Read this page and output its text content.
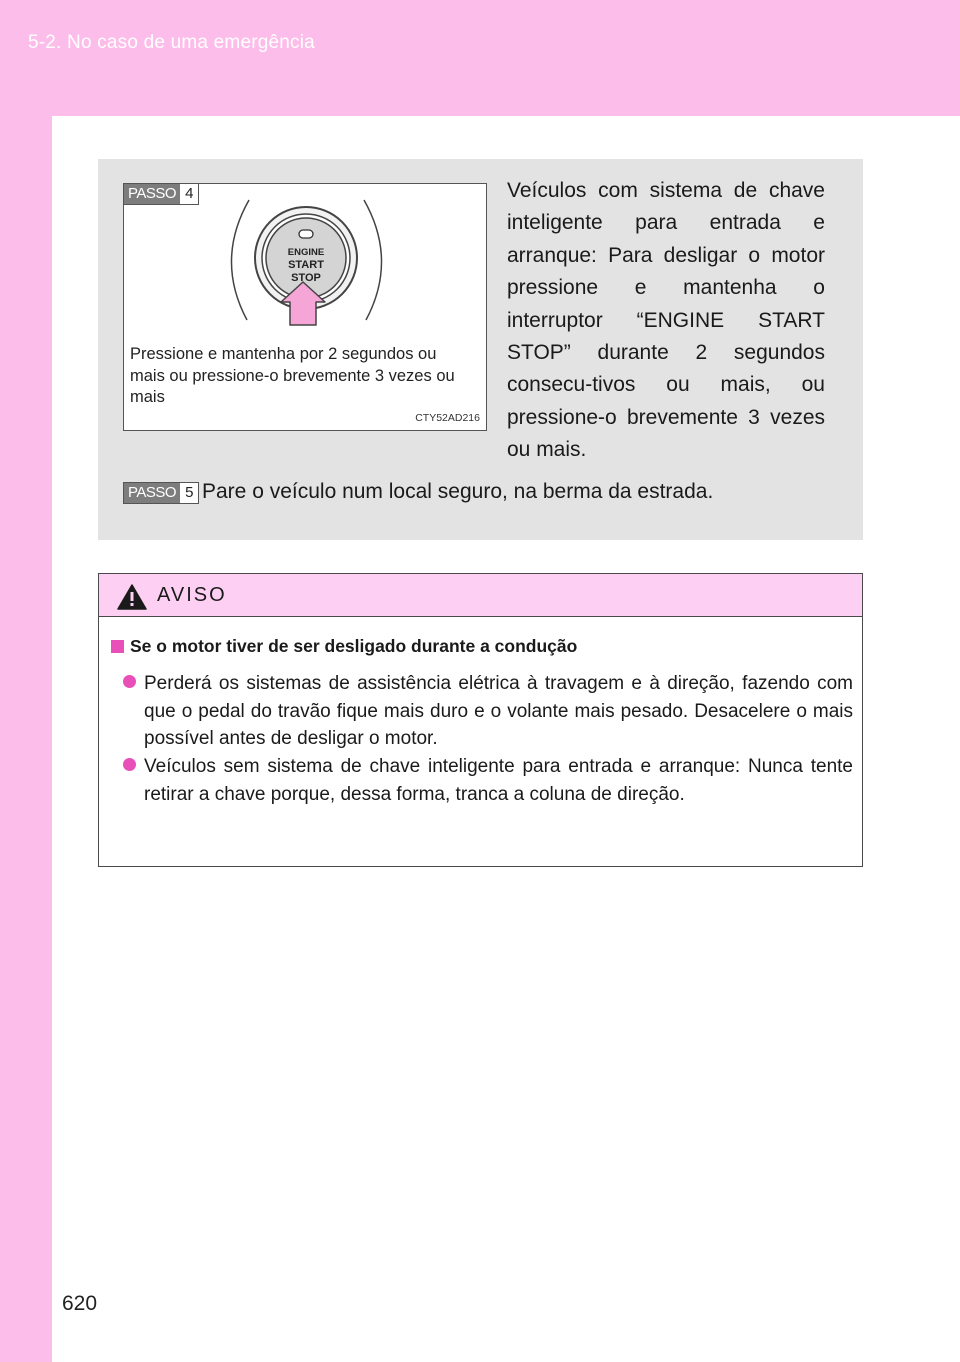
5-2. No caso de uma emergência
PASSO 4
ENGINE
START
STOP
Pressione e mantenha por 2 segundos ou mais ou pressione-o brevemente 3 vezes ou mais
CTY52AD216
Veículos com sistema de chave inteligente para entrada e arranque: Para desligar o motor pressione e mantenha o interruptor “ENGINE START STOP” durante 2 segundos consecu-tivos ou mais, ou pressione-o brevemente 3 vezes ou mais.
PASSO 5 Pare o veículo num local seguro, na berma da estrada.
AVISO
Se o motor tiver de ser desligado durante a condução
Perderá os sistemas de assistência elétrica à travagem e à direção, fazendo com que o pedal do travão fique mais duro e o volante mais pesado. Desacelere o mais possível antes de desligar o motor.
Veículos sem sistema de chave inteligente para entrada e arranque: Nunca tente retirar a chave porque, dessa forma, tranca a coluna de direção.
620
